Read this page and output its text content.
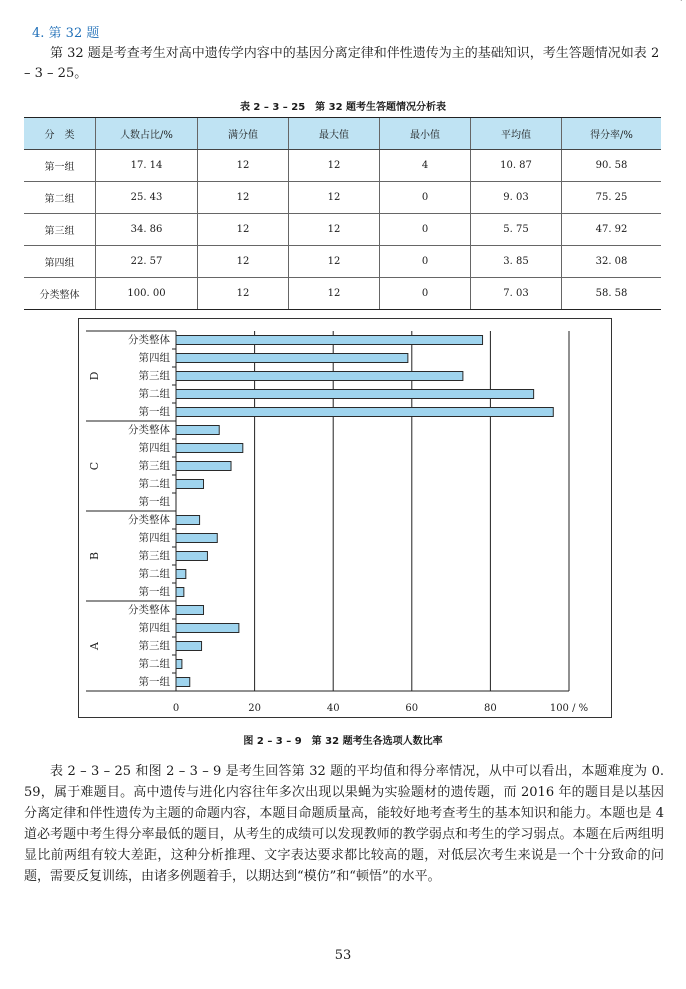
4. 第 32 题
第 32 题是考查考生对高中遗传学内容中的基因分离定律和伴性遗传为主的基础知识，考生答题情况如表 2 – 3 – 25。
表 2 – 3 – 25　第 32 题考生答题情况分析表
分　类	人数占比/%	满分值	最大值	最小值	平均值	得分率/%
第一组	17. 14	12	12	4	10. 87	90. 58
第二组	25. 43	12	12	0	9. 03	75. 25
第三组	34. 86	12	12	0	5. 75	47. 92
第四组	22. 57	12	12	0	3. 85	32. 08
分类整体	100. 00	12	12	0	7. 03	58. 58
0	20	40	60	80	100 / %
D
分类整体
第四组
第三组
第二组
第一组
C
分类整体
第四组
第三组
第二组
第一组
B
分类整体
第四组
第三组
第二组
第一组
A
分类整体
第四组
第三组
第二组
第一组
图 2 – 3 – 9　第 32 题考生各选项人数比率
表 2 – 3 – 25 和图 2 – 3 – 9 是考生回答第 32 题的平均值和得分率情况，从中可以看出，本题难度为 0. 59，属于难题目。高中遗传与进化内容往年多次出现以果蝇为实验题材的遗传题，而 2016 年的题目是以基因分离定律和伴性遗传为主题的命题内容，本题目命题质量高，能较好地考查考生的基本知识和能力。本题也是 4 道必考题中考生得分率最低的题目，从考生的成绩可以发现教师的教学弱点和考生的学习弱点。本题在后两组明显比前两组有较大差距，这种分析推理、文字表达要求都比较高的题，对低层次考生来说是一个十分致命的问题，需要反复训练，由诸多例题着手，以期达到“模仿”和“顿悟”的水平。
53
